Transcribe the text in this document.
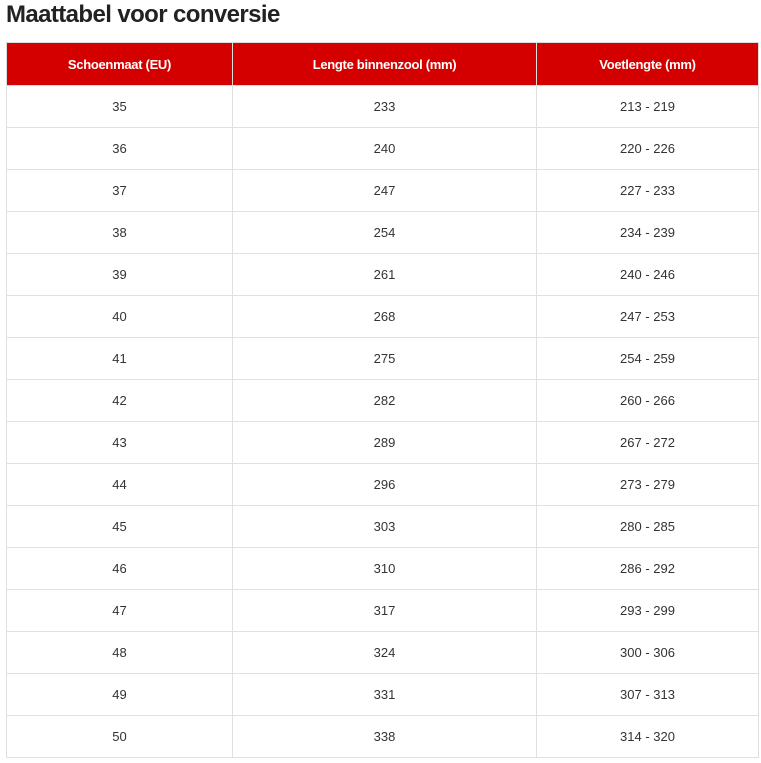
Maattabel voor conversie
Schoenmaat (EU)	Lengte binnenzool (mm)	Voetlengte (mm)
35	233	213 - 219
36	240	220 - 226
37	247	227 - 233
38	254	234 - 239
39	261	240 - 246
40	268	247 - 253
41	275	254 - 259
42	282	260 - 266
43	289	267 - 272
44	296	273 - 279
45	303	280 - 285
46	310	286 - 292
47	317	293 - 299
48	324	300 - 306
49	331	307 - 313
50	338	314 - 320
